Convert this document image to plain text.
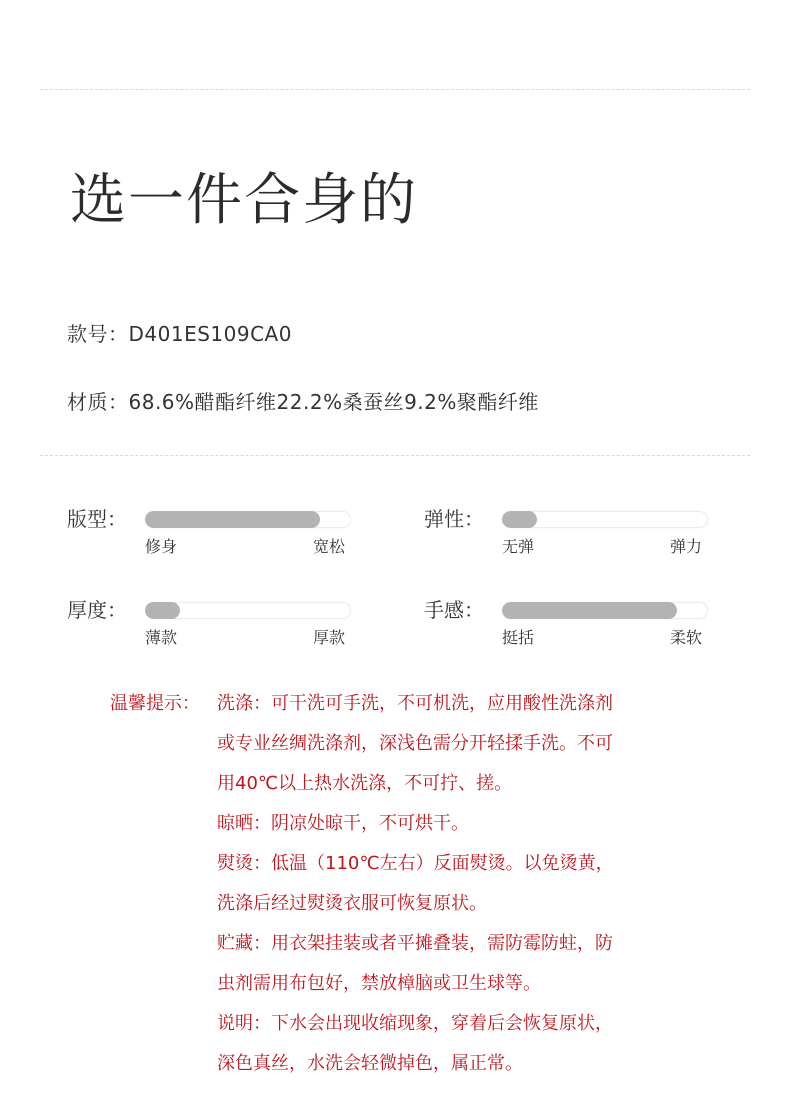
选一件合身的
款号：D401ES109CA0
材质：68.6%醋酯纤维22.2%桑蚕丝9.2%聚酯纤维
版型：
修身	宽松
弹性：
无弹	弹力
厚度：
薄款	厚款
手感：
挺括	柔软
温馨提示： 洗涤：可干洗可手洗，不可机洗，应用酸性洗涤剂
或专业丝绸洗涤剂，深浅色需分开轻揉手洗。不可
用40℃以上热水洗涤，不可拧、搓。
晾晒：阴凉处晾干，不可烘干。
熨烫：低温（110℃左右）反面熨烫。以免烫黄，
洗涤后经过熨烫衣服可恢复原状。
贮藏：用衣架挂装或者平摊叠装，需防霉防蛀，防
虫剂需用布包好，禁放樟脑或卫生球等。
说明：下水会出现收缩现象，穿着后会恢复原状，
深色真丝，水洗会轻微掉色，属正常。
